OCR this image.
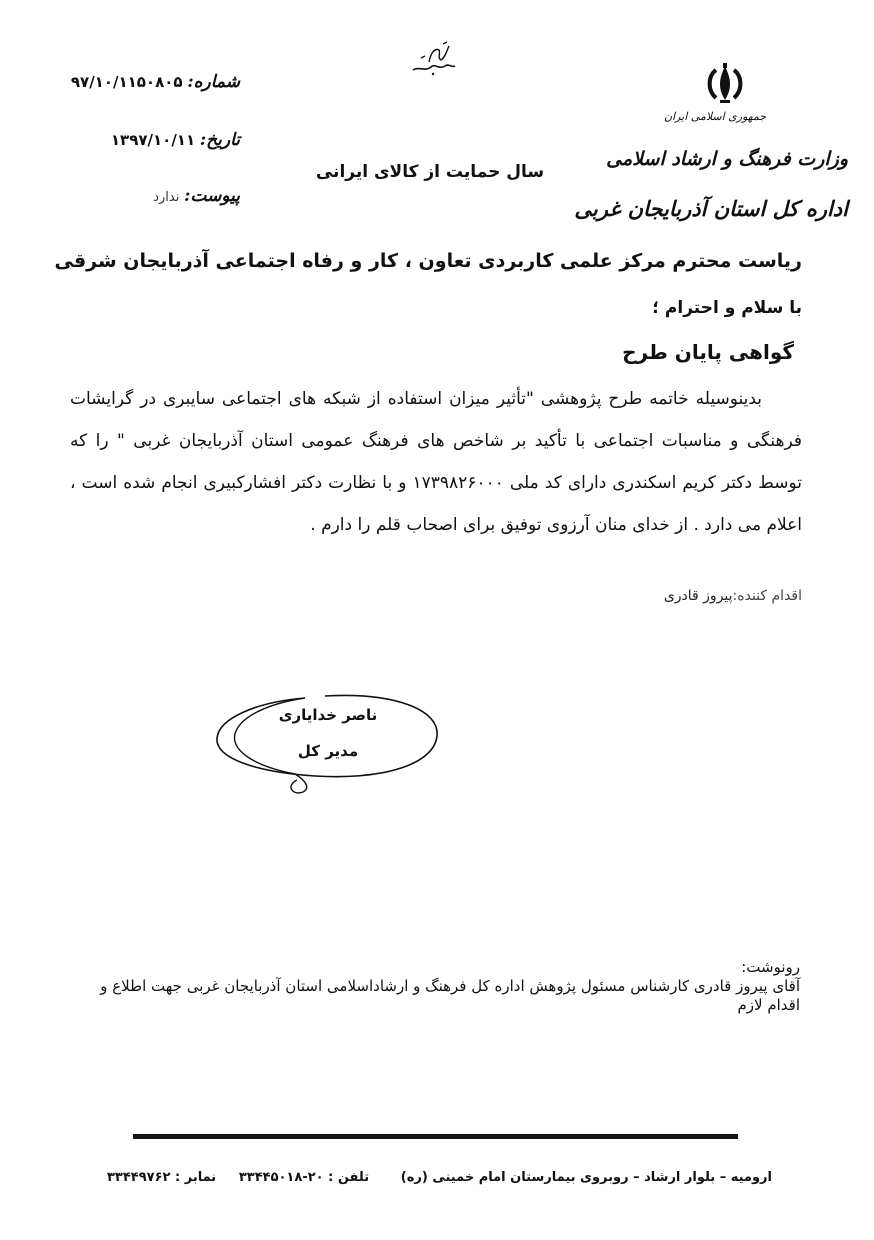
شماره: ۹۷/۱۰/۱۱۵۰۸۰۵
تاریخ: ۱۳۹۷/۱۰/۱۱
پیوست: ندارد
سال حمایت از کالای ایرانی
جمهوری اسلامی ایران
وزارت فرهنگ و ارشاد اسلامی
اداره کل استان آذربایجان غربی
ریاست محترم مرکز علمی کاربردی تعاون ، کار و رفاه اجتماعی آذربایجان شرقی
با سلام و احترام ؛
گواهی پایان طرح

بدینوسیله خاتمه طرح پژوهشی "تأثیر میزان استفاده از شبکه های اجتماعی سایبری در گرایشات فرهنگی و مناسبات اجتماعی با تأکید بر شاخص های فرهنگ عمومی استان آذربایجان غربی " را که توسط دکتر کریم اسکندری دارای کد ملی ۱۷۳۹۸۲۶۰۰۰ و با نظارت دکتر افشارکبیری انجام شده است ، اعلام می دارد . از خدای منان آرزوی توفیق برای اصحاب قلم را دارم .

اقدام کننده:پیروز قادری
ناصر خدایاری
مدیر کل
رونوشت:
آقای پیروز قادری کارشناس مسئول پژوهش اداره کل فرهنگ و ارشاداسلامی استان آذربایجان غربی جهت اطلاع و اقدام لازم
ارومیه – بلوار ارشاد – روبروی بیمارستان امام خمینی (ره)       تلفن : ۲۰-۳۳۴۴۵۰۱۸     نمابر : ۳۳۴۴۹۷۶۲
